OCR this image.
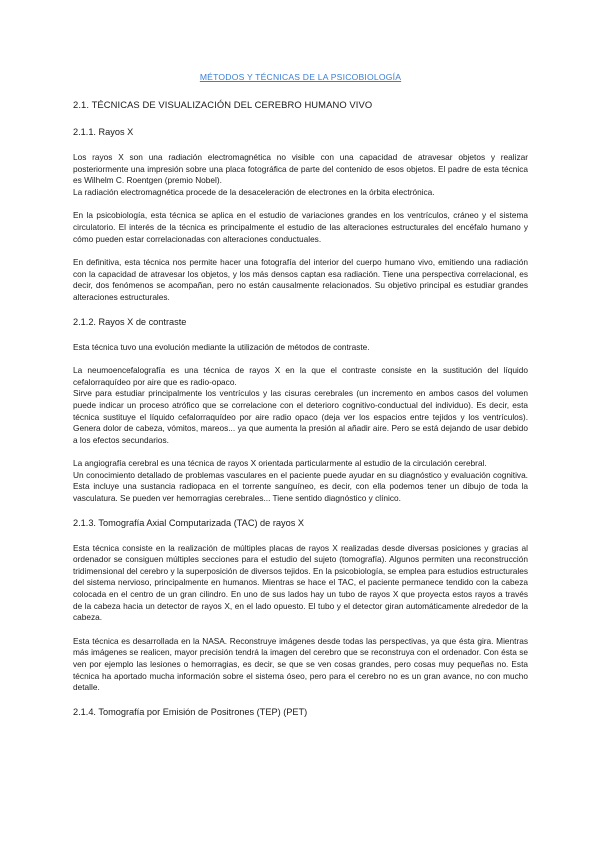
MÉTODOS Y TÉCNICAS DE LA PSICOBIOLOGÍA
2.1. TÉCNICAS DE VISUALIZACIÓN DEL CEREBRO HUMANO VIVO
2.1.1. Rayos X
Los rayos X son una radiación electromagnética no visible con una capacidad de atravesar objetos y realizar posteriormente una impresión sobre una placa fotográfica de parte del contenido de esos objetos. El padre de esta técnica es Wilhelm C. Roentgen (premio Nobel).
La radiación electromagnética procede de la desaceleración de electrones en la órbita electrónica.
En la psicobiología, esta técnica se aplica en el estudio de variaciones grandes en los ventrículos, cráneo y el sistema circulatorio. El interés de la técnica es principalmente el estudio de las alteraciones estructurales del encéfalo humano y cómo pueden estar correlacionadas con alteraciones conductuales.
En definitiva, esta técnica nos permite hacer una fotografía del interior del cuerpo humano vivo, emitiendo una radiación con la capacidad de atravesar los objetos, y los más densos captan esa radiación. Tiene una perspectiva correlacional, es decir, dos fenómenos se acompañan, pero no están causalmente relacionados. Su objetivo principal es estudiar grandes alteraciones estructurales.
2.1.2. Rayos X de contraste
Esta técnica tuvo una evolución mediante la utilización de métodos de contraste.
La neumoencefalografía es una técnica de rayos X en la que el contraste consiste en la sustitución del líquido cefalorraquídeo por aire que es radio-opaco.
Sirve para estudiar principalmente los ventrículos y las cisuras cerebrales (un incremento en ambos casos del volumen puede indicar un proceso atrófico que se correlacione con el deterioro cognitivo-conductual del individuo). Es decir, esta técnica sustituye el líquido cefalorraquídeo por aire radio opaco (deja ver los espacios entre tejidos y los ventrículos). Genera dolor de cabeza, vómitos, mareos... ya que aumenta la presión al añadir aire. Pero se está dejando de usar debido a los efectos secundarios.
La angiografía cerebral es una técnica de rayos X orientada particularmente al estudio de la circulación cerebral.
Un conocimiento detallado de problemas vasculares en el paciente puede ayudar en su diagnóstico y evaluación cognitiva. Esta incluye una sustancia radiopaca en el torrente sanguíneo, es decir, con ella podemos tener un dibujo de toda la vasculatura. Se pueden ver hemorragias cerebrales... Tiene sentido diagnóstico y clínico.
2.1.3. Tomografía Axial Computarizada (TAC) de rayos X
Esta técnica consiste en la realización de múltiples placas de rayos X realizadas desde diversas posiciones y gracias al ordenador se consiguen múltiples secciones para el estudio del sujeto (tomografía). Algunos permiten una reconstrucción tridimensional del cerebro y la superposición de diversos tejidos. En la psicobiología, se emplea para estudios estructurales del sistema nervioso, principalmente en humanos. Mientras se hace el TAC, el paciente permanece tendido con la cabeza colocada en el centro de un gran cilindro. En uno de sus lados hay un tubo de rayos X que proyecta estos rayos a través de la cabeza hacia un detector de rayos X, en el lado opuesto. El tubo y el detector giran automáticamente alrededor de la cabeza.
Esta técnica es desarrollada en la NASA. Reconstruye imágenes desde todas las perspectivas, ya que ésta gira. Mientras más imágenes se realicen, mayor precisión tendrá la imagen del cerebro que se reconstruya con el ordenador. Con ésta se ven por ejemplo las lesiones o hemorragias, es decir, se que se ven cosas grandes, pero cosas muy pequeñas no. Esta técnica ha aportado mucha información sobre el sistema óseo, pero para el cerebro no es un gran avance, no con mucho detalle.
2.1.4. Tomografía por Emisión de Positrones (TEP) (PET)
